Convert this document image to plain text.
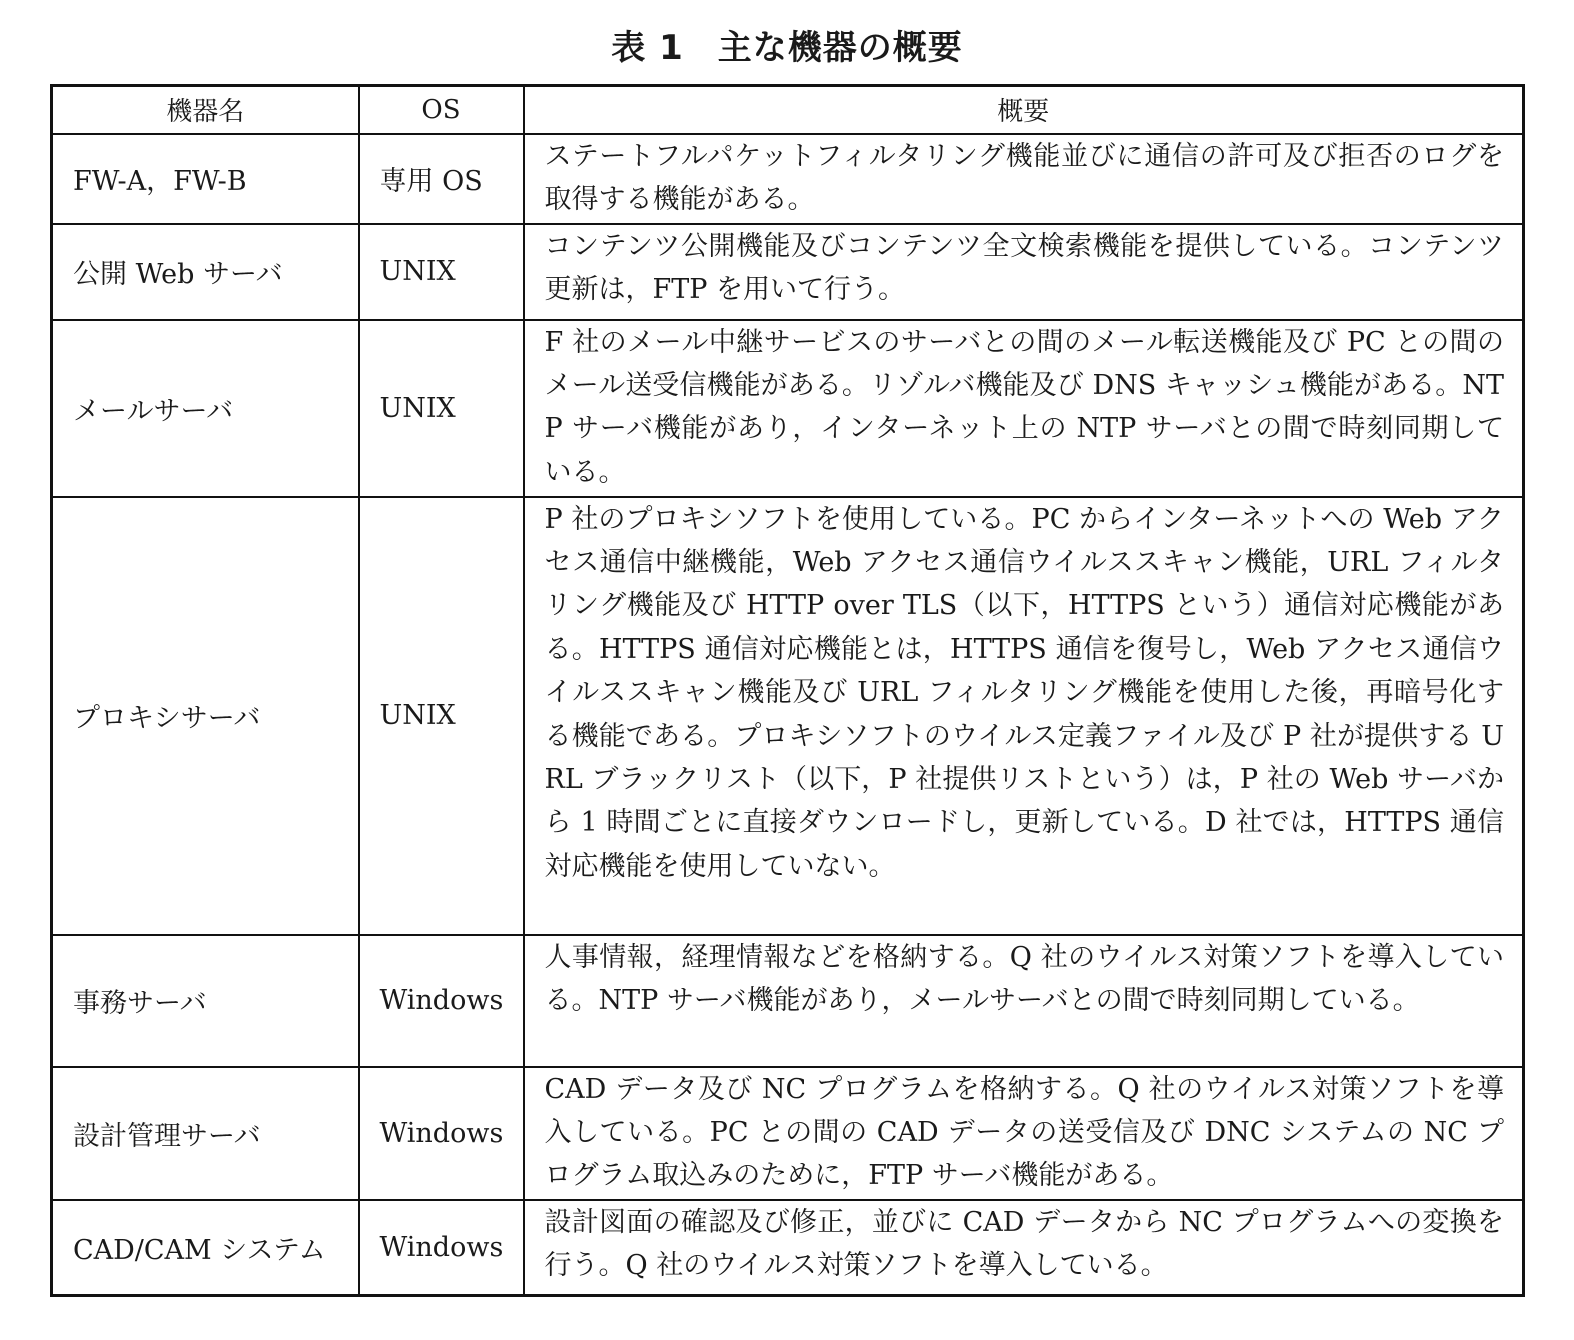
表 1 主な機器の概要
機器名	OS	概要
FW-A，FW-B	専用 OS	ステートフルパケットフィルタリング機能並びに通信の許可及び拒否のログを取得する機能がある。

公開 Web サーバ	UNIX	コンテンツ公開機能及びコンテンツ全文検索機能を提供している。コンテンツ更新は，FTP を用いて行う。

メールサーバ	UNIX	F 社のメール中継サービスのサーバとの間のメール転送機能及び PC との間のメール送受信機能がある。リゾルバ機能及び DNS キャッシュ機能がある。NTP サーバ機能があり，インターネット上の NTP サーバとの間で時刻同期している。

プロキシサーバ	UNIX	P 社のプロキシソフトを使用している。PC からインターネットへの Web アクセス通信中継機能，Web アクセス通信ウイルススキャン機能，URL フィルタリング機能及び HTTP over TLS（以下，HTTPS という）通信対応機能がある。HTTPS 通信対応機能とは，HTTPS 通信を復号し，Web アクセス通信ウイルススキャン機能及び URL フィルタリング機能を使用した後，再暗号化する機能である。プロキシソフトのウイルス定義ファイル及び P 社が提供する URL ブラックリスト（以下，P 社提供リストという）は，P 社の Web サーバから 1 時間ごとに直接ダウンロードし，更新している。D 社では，HTTPS 通信対応機能を使用していない。

事務サーバ	Windows	人事情報，経理情報などを格納する。Q 社のウイルス対策ソフトを導入している。NTP サーバ機能があり，メールサーバとの間で時刻同期している。

設計管理サーバ	Windows	CAD データ及び NC プログラムを格納する。Q 社のウイルス対策ソフトを導入している。PC との間の CAD データの送受信及び DNC システムの NC プログラム取込みのために，FTP サーバ機能がある。

CAD/CAM システム	Windows	設計図面の確認及び修正，並びに CAD データから NC プログラムへの変換を行う。Q 社のウイルス対策ソフトを導入している。
